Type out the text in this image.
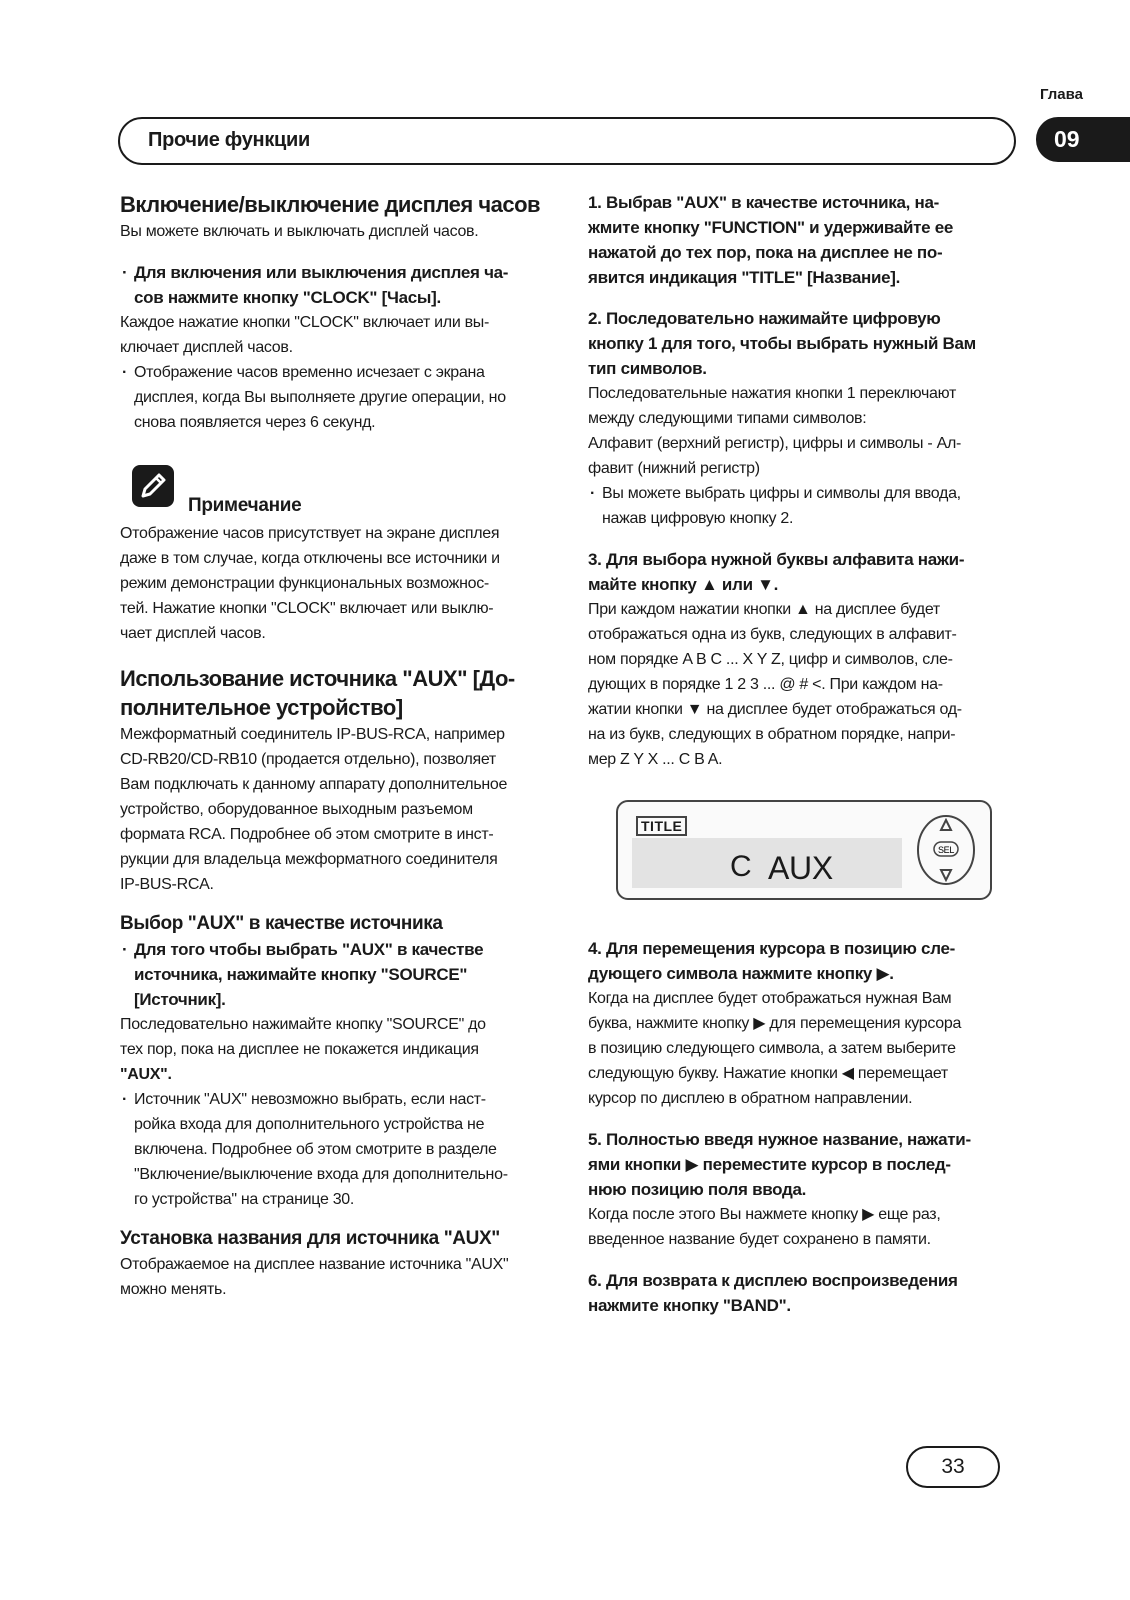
Глава
Прочие функции	09
Включение/выключение дисплея часов

Вы можете включать и выключать дисплей часов.

· Для включения или выключения дисплея ча-
сов нажмите кнопку "CLOCK" [Часы].

Каждое нажатие кнопки "CLOCK" включает или вы-

ключает дисплей часов.

· Отображение часов временно исчезает с экрана

дисплея, когда Вы выполняете другие операции, но

снова появляется через 6 секунд.

Примечание

Отображение часов присутствует на экране дисплея

даже в том случае, когда отключены все источники и

режим демонстрации функциональных возможнос-

тей. Нажатие кнопки "CLOCK" включает или выклю-

чает дисплей часов.

Использование источника "AUX" [До-
полнительное устройство]

Межформатный соединитель IP-BUS-RCA, например

CD-RB20/CD-RB10 (продается отдельно), позволяет

Вам подключать к данному аппарату дополнительное

устройство, оборудованное выходным разъемом

формата RCA. Подробнее об этом смотрите в инст-

рукции для владельца межформатного соединителя

IP-BUS-RCA.

Выбор "AUX" в качестве источника
· Для того чтобы выбрать "AUX" в качестве
источника, нажимайте кнопку "SOURCE"
[Источник].

Последовательно нажимайте кнопку "SOURCE" до

тех пор, пока на дисплее не покажется индикация

"AUX".

· Источник "AUX" невозможно выбрать, если наст-

ройка входа для дополнительного устройства не

включена. Подробнее об этом смотрите в разделе

"Включение/выключение входа для дополнительно-

го устройства" на странице 30.

Установка названия для источника "AUX"

Отображаемое на дисплее название источника "AUX"

можно менять.

1. Выбрав "AUX" в качестве источника, на-
жмите кнопку "FUNCTION" и удерживайте ее
нажатой до тех пор, пока на дисплее не по-
явится индикация "TITLE" [Название].
2. Последовательно нажимайте цифровую
кнопку 1 для того, чтобы выбрать нужный Вам
тип символов.

Последовательные нажатия кнопки 1 переключают

между следующими типами символов:

Алфавит (верхний регистр), цифры и символы - Ал-

фавит (нижний регистр)

· Вы можете выбрать цифры и символы для ввода,

нажав цифровую кнопку 2.

3. Для выбора нужной буквы алфавита нажи-
майте кнопку ▲ или ▼.

При каждом нажатии кнопки ▲ на дисплее будет

отображаться одна из букв, следующих в алфавит-

ном порядке A B C ... X Y Z, цифр и символов, сле-

дующих в порядке 1 2 3 ... @ # <. При каждом на-

жатии кнопки ▼ на дисплее будет отображаться од-

на из букв, следующих в обратном порядке, напри-

мер Z Y X ... C B A.

TITLE
C AUX	SEL
4. Для перемещения курсора в позицию сле-
дующего символа нажмите кнопку ▶.

Когда на дисплее будет отображаться нужная Вам

буква, нажмите кнопку ▶ для перемещения курсора

в позицию следующего символа, а затем выберите

следующую букву. Нажатие кнопки ◀ перемещает

курсор по дисплею в обратном направлении.

5. Полностью введя нужное название, нажати-
ями кнопки ▶ переместите курсор в послед-
нюю позицию поля ввода.

Когда после этого Вы нажмете кнопку ▶ еще раз,

введенное название будет сохранено в памяти.

6. Для возврата к дисплею воспроизведения
нажмите кнопку "BAND".
33
